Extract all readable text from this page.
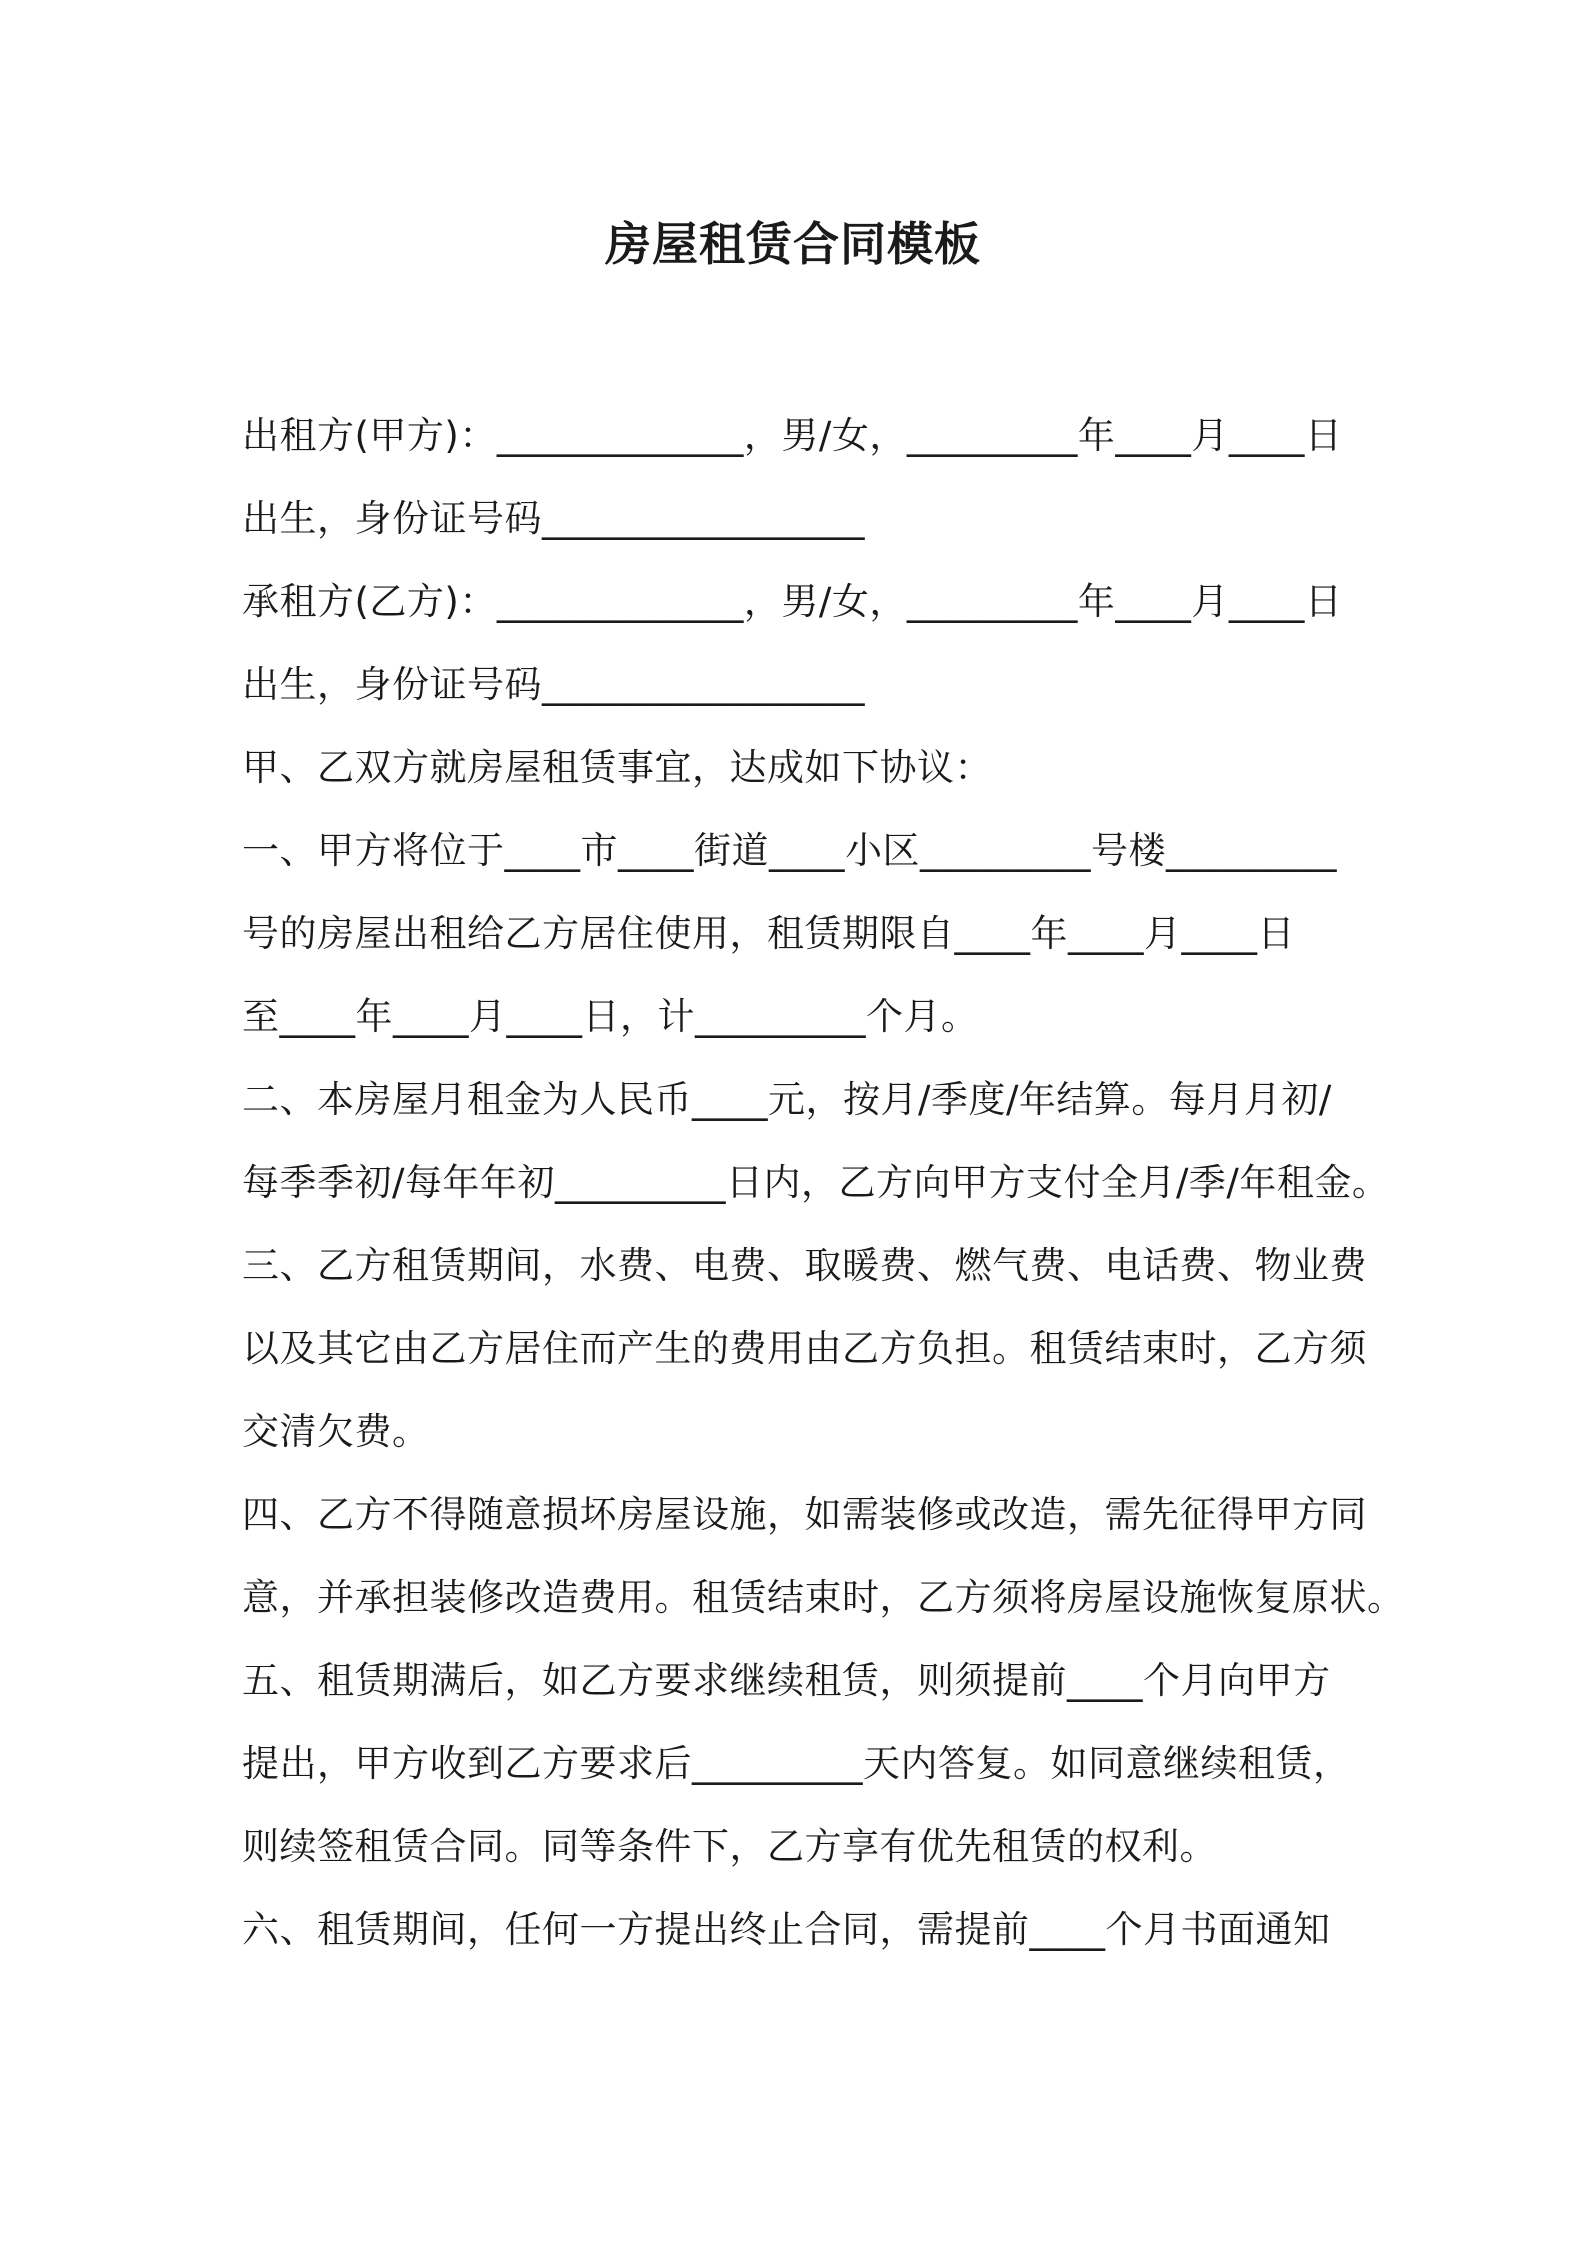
房屋租赁合同模板
出租方(甲方)：_____________，男/女，_________年____月____日
出生，身份证号码_________________
承租方(乙方)：_____________，男/女，_________年____月____日
出生，身份证号码_________________
甲、乙双方就房屋租赁事宜，达成如下协议：
一、甲方将位于____市____街道____小区_________号楼_________
号的房屋出租给乙方居住使用，租赁期限自____年____月____日
至____年____月____日，计_________个月。
二、本房屋月租金为人民币____元，按月/季度/年结算。每月月初/
每季季初/每年年初_________日内，乙方向甲方支付全月/季/年租金。
三、乙方租赁期间，水费、电费、取暖费、燃气费、电话费、物业费
以及其它由乙方居住而产生的费用由乙方负担。租赁结束时，乙方须
交清欠费。
四、乙方不得随意损坏房屋设施，如需装修或改造，需先征得甲方同
意，并承担装修改造费用。租赁结束时，乙方须将房屋设施恢复原状。
五、租赁期满后，如乙方要求继续租赁，则须提前____个月向甲方
提出，甲方收到乙方要求后_________天内答复。如同意继续租赁，
则续签租赁合同。同等条件下，乙方享有优先租赁的权利。
六、租赁期间，任何一方提出终止合同，需提前____个月书面通知
